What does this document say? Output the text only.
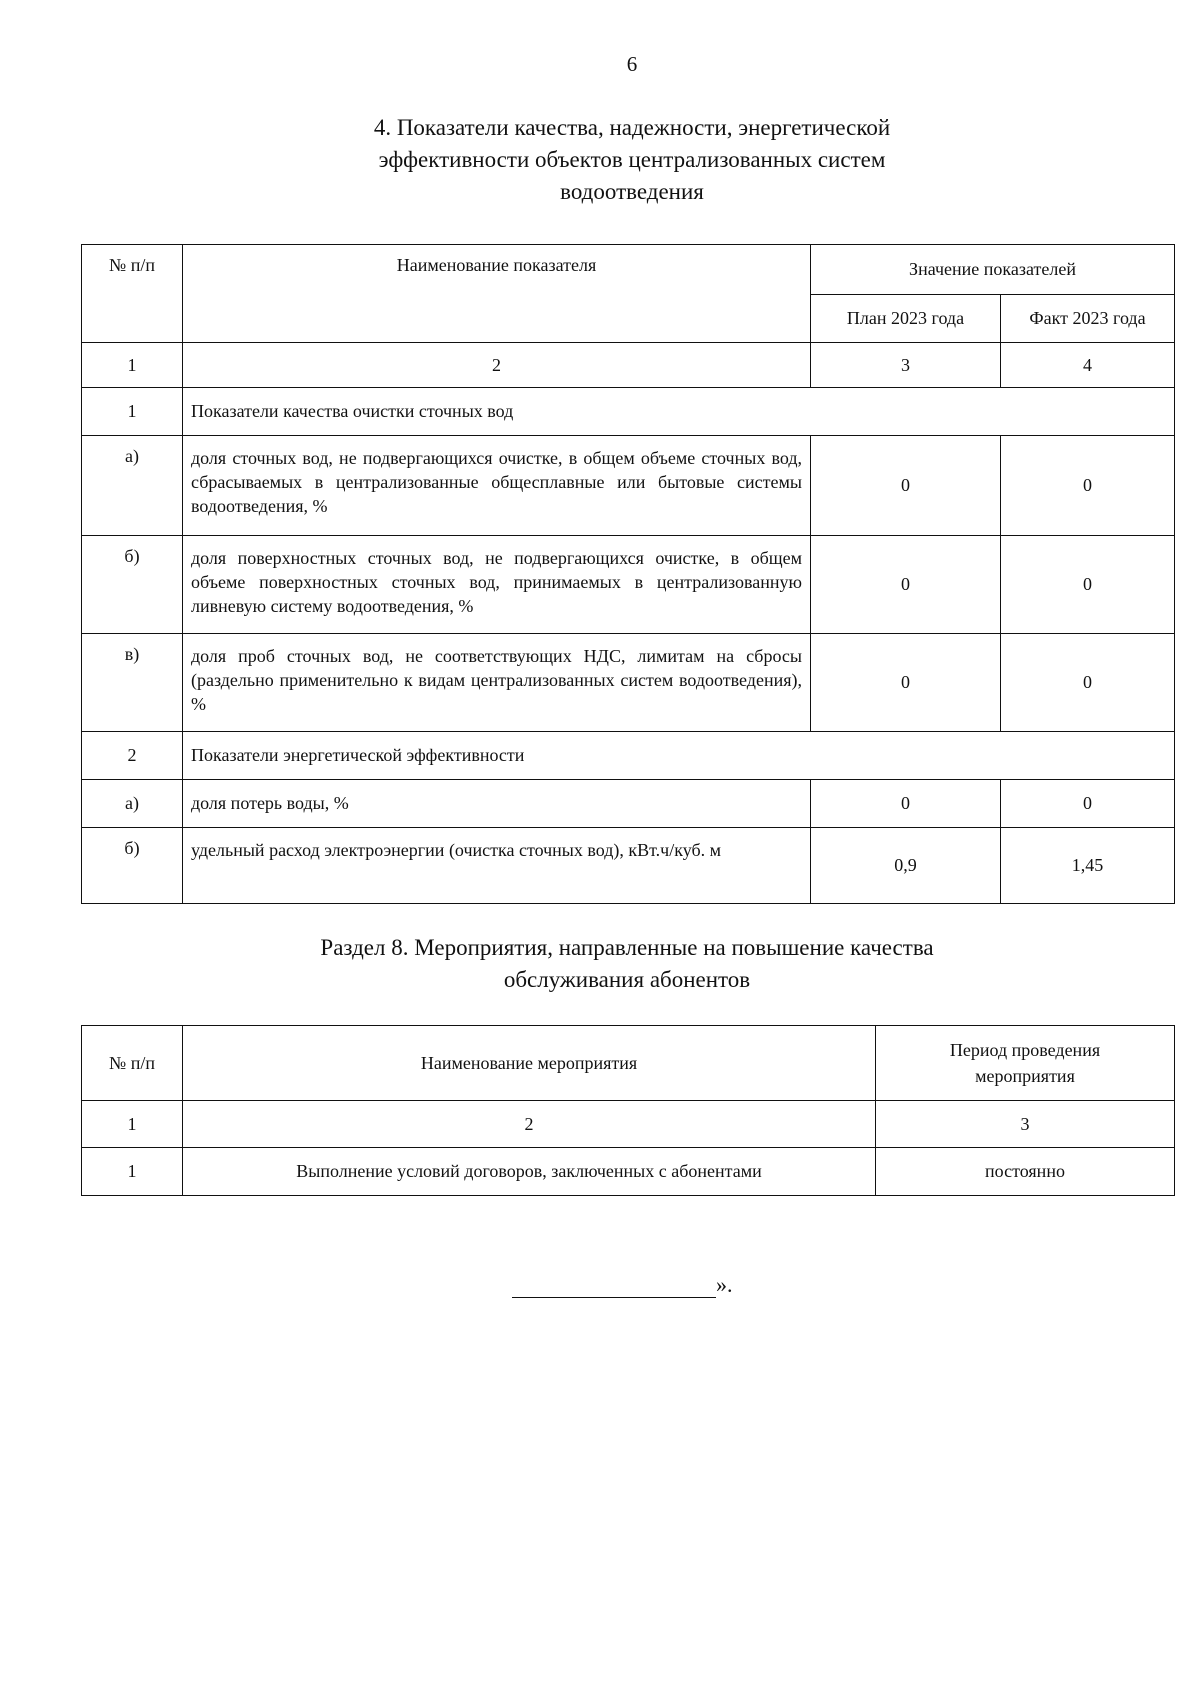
6
4. Показатели качества, надежности, энергетической
эффективности объектов централизованных систем
водоотведения
№ п/п	Наименование показателя	Значение показателей	
		План 2023 года	Факт 2023 года
1	2	3	4
1	Показатели качества очистки сточных вод		
а)	доля сточных вод, не подвергающихся очистке, в общем объеме сточных вод, сбрасываемых в централизованные общесплавные или бытовые системы водоотведения, %	0	0
б)	доля поверхностных сточных вод, не подвергающихся очистке, в общем объеме поверхностных сточных вод, принимаемых в централизованную ливневую систему водоотведения, %	0	0
в)	доля проб сточных вод, не соответствующих НДС, лимитам на сбросы (раздельно применительно к видам централизованных систем водоотведения), %	0	0
2	Показатели энергетической эффективности		
а)	доля потерь воды, %	0	0
б)	удельный расход электроэнергии (очистка сточных вод), кВт.ч/куб. м	0,9	1,45
Раздел 8. Мероприятия, направленные на повышение качества
обслуживания абонентов
№ п/п	Наименование мероприятия	Период проведения
мероприятия

1	2	3
1	Выполнение условий договоров, заключенных с абонентами	постоянно
».
